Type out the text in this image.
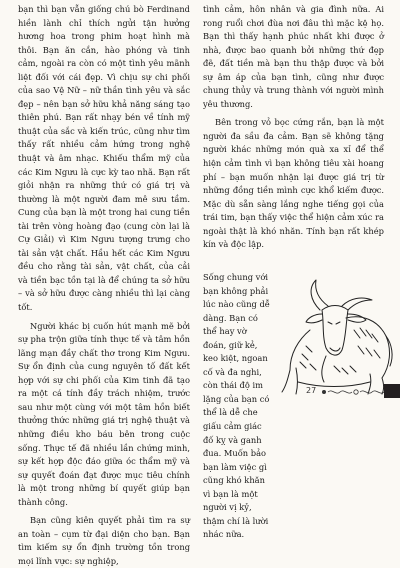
bạn thì bạn vẫn giống chú bò Ferdinand hiền lành chỉ thích ngửi tận hưởng hương hoa trong phim hoạt hình mà thôi. Bạn ăn cắn, hào phóng và tinh cảm, ngoài ra còn có một tình yêu mãnh liệt đối với cái đẹp. Vì chịu sự chi phối của sao Vệ Nữ – nữ thần tình yêu và sắc đẹp – nên bạn sở hữu khả năng sáng tạo thiên phú. Bạn rất nhạy bén về tính mỹ thuật của sắc và kiến trúc, cũng như tìm thấy rất nhiều cảm hứng trong nghệ thuật và âm nhạc. Khiếu thẩm mỹ của các Kim Ngưu là cực kỳ tao nhã. Bạn rất giỏi nhận ra những thứ có giá trị và thường là một người đam mê sưu tầm. Cung của bạn là một trong hai cung tiền tài trên vòng hoàng đạo (cung còn lại là Cự Giải) vì Kim Ngưu tượng trưng cho tài sản vật chất. Hầu hết các Kim Ngưu đều cho rằng tài sản, vật chất, của cải và tiền bạc tồn tại là để chúng ta sở hữu – và sở hữu được càng nhiều thì lại càng tốt.

Người khác bị cuốn hút mạnh mẽ bởi sự pha trộn giữa tính thực tế và tâm hồn lãng mạn đầy chất thơ trong Kim Ngưu. Sự ổn định của cung nguyên tố đất kết hợp với sự chi phối của Kim tinh đã tạo ra một cá tính đầy trách nhiệm, trước sau như một cùng với một tâm hồn biết thưởng thức những giá trị nghệ thuật và những điều kho báu bên trong cuộc sống. Thực tế đã nhiều lần chứng minh, sự kết hợp độc đáo giữa óc thẩm mỹ và sự quyết đoán đạt được mục tiêu chính là một trong những bí quyết giúp bạn thành công.

Bạn cũng kiên quyết phải tìm ra sự an toàn – cụm từ đại diện cho bạn. Bạn tìm kiếm sự ổn định trường tồn trong mọi lĩnh vực: sự nghiệp,

tình cảm, hôn nhân và gia đình nữa. Ai rong ruổi chơi đùa nơi đâu thì mặc kệ họ. Bạn thì thấy hạnh phúc nhất khi được ở nhà, được bao quanh bởi những thứ đẹp đẽ, đất tiền mà bạn thu thập được và bởi sự âm áp của bạn tình, cũng như được chung thủy và trung thành với người mình yêu thương.

Bên trong vỏ bọc cứng rắn, bạn là một người đa sầu đa cảm. Bạn sẽ không tặng người khác những món quà xa xỉ để thể hiện cảm tình vì bạn không tiêu xài hoang phí – bạn muốn nhận lại được giá trị từ những đồng tiền mình cực khổ kiếm được. Mặc dù sẵn sàng lắng nghe tiếng gọi của trái tim, bạn thấy việc thể hiện cảm xúc ra ngoài thật là khó nhăn. Tính bạn rất khép kín và độc lập.

Sống chung với bạn không phải lúc nào cũng dễ dàng. Bạn có thể hay vờ đoán, giữ kẻ, keo kiệt, ngoan cố và đa nghi, còn thái độ im lặng của bạn có thể là dễ che giấu cảm giác đố kỵ và ganh đua. Muốn bảo bạn làm việc gì cũng khó khăn vì bạn là một người vị kỷ, thậm chí là lười nhác nữa.

27
